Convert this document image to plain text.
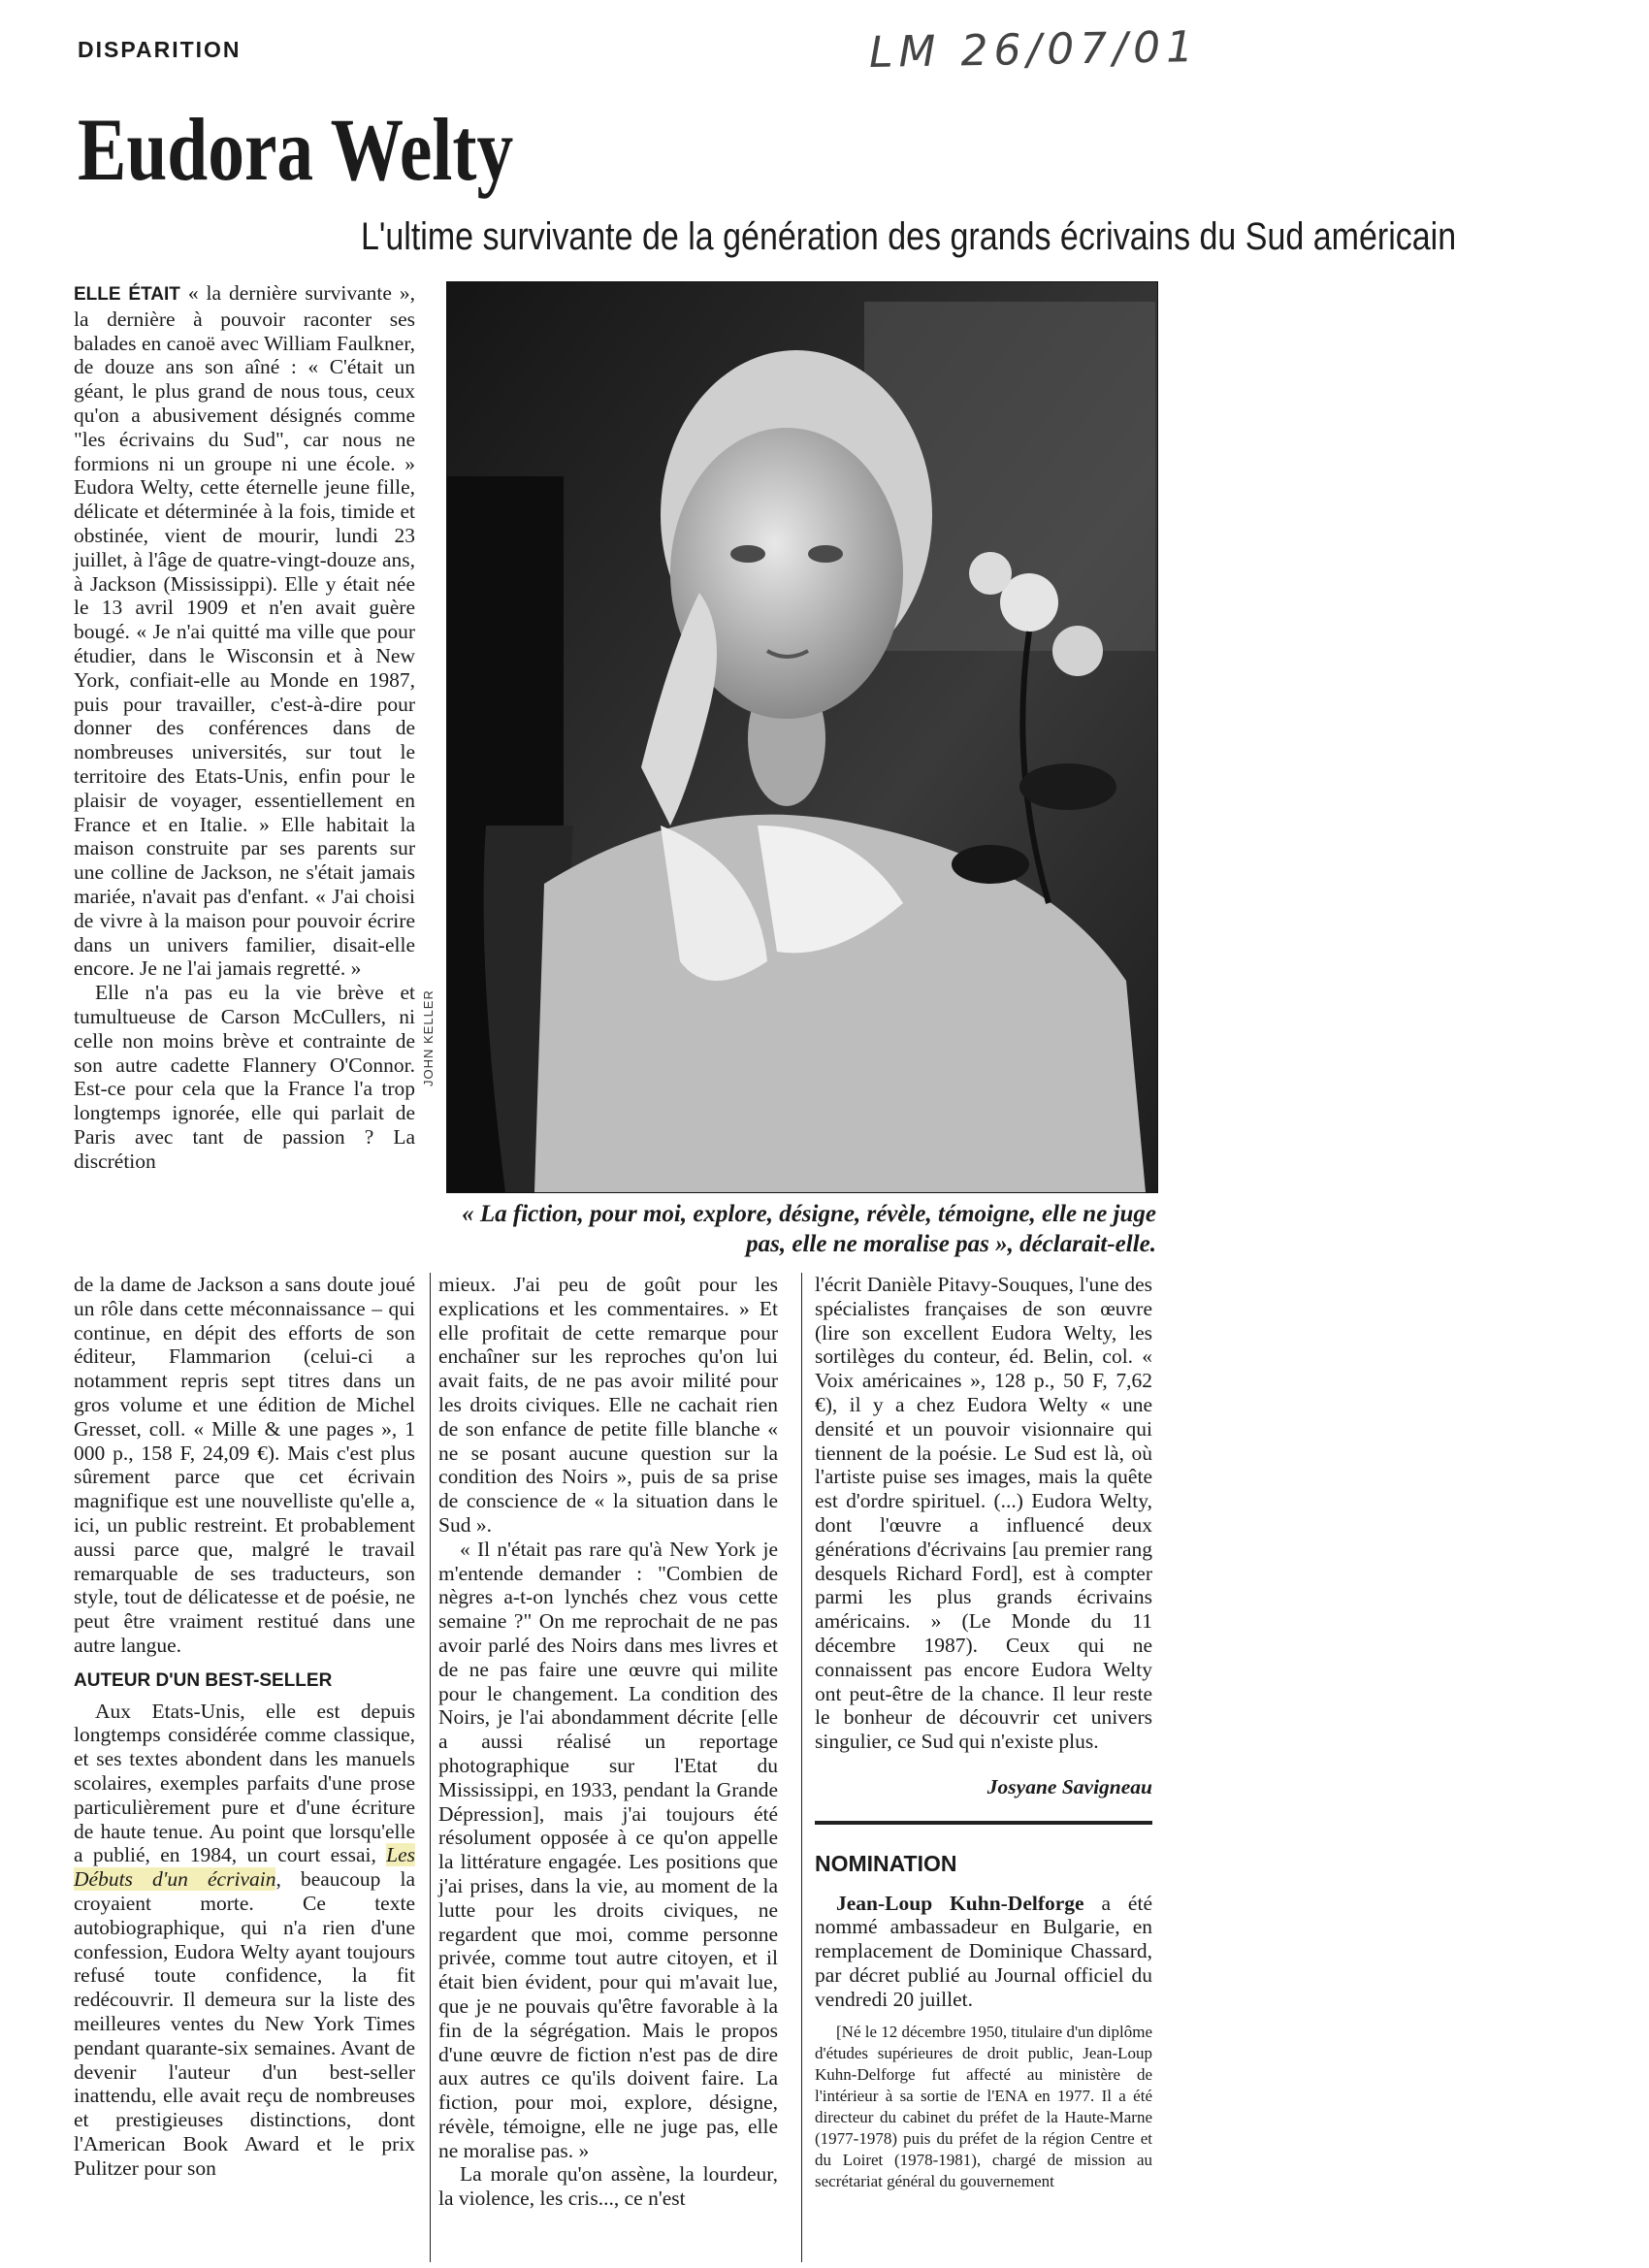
DISPARITION	LM 26/07/01
Eudora Welty
L'ultime survivante de la génération des grands écrivains du Sud américain

ELLE ÉTAIT « la dernière survivante », la dernière à pouvoir raconter ses balades en canoë avec William Faulkner, de douze ans son aîné : « C'était un géant, le plus grand de nous tous, ceux qu'on a abusivement désignés comme "les écrivains du Sud", car nous ne formions ni un groupe ni une école. » Eudora Welty, cette éternelle jeune fille, délicate et déterminée à la fois, timide et obstinée, vient de mourir, lundi 23 juillet, à l'âge de quatre-vingt-douze ans, à Jackson (Mississippi). Elle y était née le 13 avril 1909 et n'en avait guère bougé. « Je n'ai quitté ma ville que pour étudier, dans le Wisconsin et à New York, confiait-elle au Monde en 1987, puis pour travailler, c'est-à-dire pour donner des conférences dans de nombreuses universités, sur tout le territoire des Etats-Unis, enfin pour le plaisir de voyager, essentiellement en France et en Italie. » Elle habitait la maison construite par ses parents sur une colline de Jackson, ne s'était jamais mariée, n'avait pas d'enfant. « J'ai choisi de vivre à la maison pour pouvoir écrire dans un univers familier, disait-elle encore. Je ne l'ai jamais regretté. »

Elle n'a pas eu la vie brève et tumultueuse de Carson McCullers, ni celle non moins brève et contrainte de son autre cadette Flannery O'Connor. Est-ce pour cela que la France l'a trop longtemps ignorée, elle qui parlait de Paris avec tant de passion ? La discrétion

JOHN KELLER
« La fiction, pour moi, explore, désigne, révèle, témoigne, elle ne juge pas, elle ne moralise pas », déclarait-elle.

de la dame de Jackson a sans doute joué un rôle dans cette méconnaissance – qui continue, en dépit des efforts de son éditeur, Flammarion (celui-ci a notamment repris sept titres dans un gros volume et une édition de Michel Gresset, coll. « Mille & une pages », 1 000 p., 158 F, 24,09 €). Mais c'est plus sûrement parce que cet écrivain magnifique est une nouvelliste qu'elle a, ici, un public restreint. Et probablement aussi parce que, malgré le travail remarquable de ses traducteurs, son style, tout de délicatesse et de poésie, ne peut être vraiment restitué dans une autre langue.

AUTEUR D'UN BEST-SELLER

Aux Etats-Unis, elle est depuis longtemps considérée comme classique, et ses textes abondent dans les manuels scolaires, exemples parfaits d'une prose particulièrement pure et d'une écriture de haute tenue. Au point que lorsqu'elle a publié, en 1984, un court essai, Les Débuts d'un écrivain, beaucoup la croyaient morte. Ce texte autobiographique, qui n'a rien d'une confession, Eudora Welty ayant toujours refusé toute confidence, la fit redécouvrir. Il demeura sur la liste des meilleures ventes du New York Times pendant quarante-six semaines. Avant de devenir l'auteur d'un best-seller inattendu, elle avait reçu de nombreuses et prestigieuses distinctions, dont l'American Book Award et le prix Pulitzer pour son

mieux. J'ai peu de goût pour les explications et les commentaires. » Et elle profitait de cette remarque pour enchaîner sur les reproches qu'on lui avait faits, de ne pas avoir milité pour les droits civiques. Elle ne cachait rien de son enfance de petite fille blanche « ne se posant aucune question sur la condition des Noirs », puis de sa prise de conscience de « la situation dans le Sud ».

« Il n'était pas rare qu'à New York je m'entende demander : "Combien de nègres a-t-on lynchés chez vous cette semaine ?" On me reprochait de ne pas avoir parlé des Noirs dans mes livres et de ne pas faire une œuvre qui milite pour le changement. La condition des Noirs, je l'ai abondamment décrite [elle a aussi réalisé un reportage photographique sur l'Etat du Mississippi, en 1933, pendant la Grande Dépression], mais j'ai toujours été résolument opposée à ce qu'on appelle la littérature engagée. Les positions que j'ai prises, dans la vie, au moment de la lutte pour les droits civiques, ne regardent que moi, comme personne privée, comme tout autre citoyen, et il était bien évident, pour qui m'avait lue, que je ne pouvais qu'être favorable à la fin de la ségrégation. Mais le propos d'une œuvre de fiction n'est pas de dire aux autres ce qu'ils doivent faire. La fiction, pour moi, explore, désigne, révèle, témoigne, elle ne juge pas, elle ne moralise pas. »

La morale qu'on assène, la lourdeur, la violence, les cris..., ce n'est

l'écrit Danièle Pitavy-Souques, l'une des spécialistes françaises de son œuvre (lire son excellent Eudora Welty, les sortilèges du conteur, éd. Belin, col. « Voix américaines », 128 p., 50 F, 7,62 €), il y a chez Eudora Welty « une densité et un pouvoir visionnaire qui tiennent de la poésie. Le Sud est là, où l'artiste puise ses images, mais la quête est d'ordre spirituel. (...) Eudora Welty, dont l'œuvre a influencé deux générations d'écrivains [au premier rang desquels Richard Ford], est à compter parmi les plus grands écrivains américains. » (Le Monde du 11 décembre 1987). Ceux qui ne connaissent pas encore Eudora Welty ont peut-être de la chance. Il leur reste le bonheur de découvrir cet univers singulier, ce Sud qui n'existe plus.

Josyane Savigneau

NOMINATION

Jean-Loup Kuhn-Delforge a été nommé ambassadeur en Bulgarie, en remplacement de Dominique Chassard, par décret publié au Journal officiel du vendredi 20 juillet.

[Né le 12 décembre 1950, titulaire d'un diplôme d'études supérieures de droit public, Jean-Loup Kuhn-Delforge fut affecté au ministère de l'intérieur à sa sortie de l'ENA en 1977. Il a été directeur du cabinet du préfet de la Haute-Marne (1977-1978) puis du préfet de la région Centre et du Loiret (1978-1981), chargé de mission au secrétariat général du gouvernement
